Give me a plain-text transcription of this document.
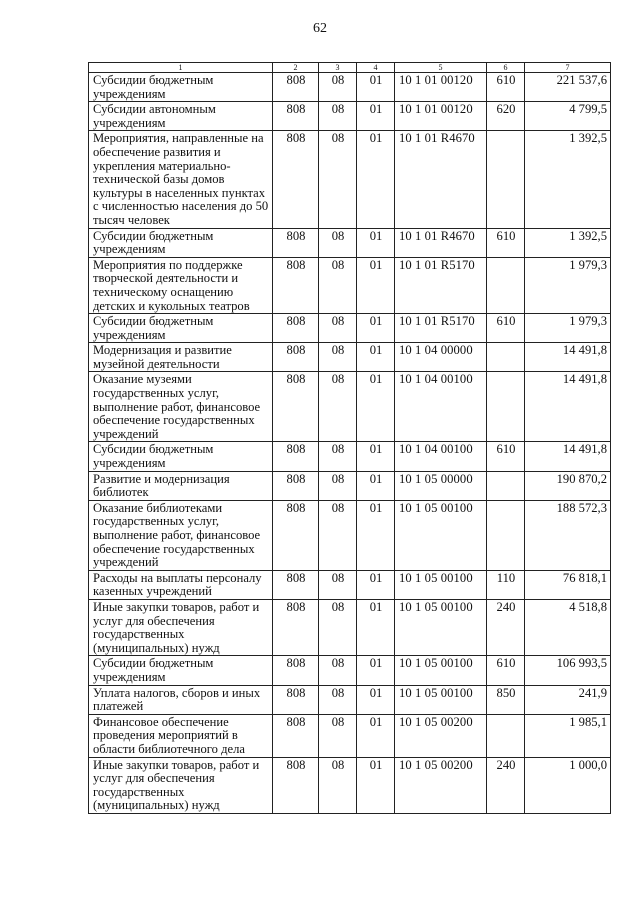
62
1	2	3	4	5	6	7
Субсидии бюджетным учреждениям	808	08	01	10 1 01 00120	610	221 537,6
Субсидии автономным учреждениям	808	08	01	10 1 01 00120	620	4 799,5
Мероприятия, направленные на обеспечение развития и укрепления материально-технической базы домов культуры в населенных пунктах с численностью населения до 50 тысяч человек	808	08	01	10 1 01 R4670		1 392,5
Субсидии бюджетным учреждениям	808	08	01	10 1 01 R4670	610	1 392,5
Мероприятия по поддержке творческой деятельности и техническому оснащению детских и кукольных театров	808	08	01	10 1 01 R5170		1 979,3
Субсидии бюджетным учреждениям	808	08	01	10 1 01 R5170	610	1 979,3
Модернизация и развитие музейной деятельности	808	08	01	10 1 04 00000		14 491,8
Оказание музеями государственных услуг, выполнение работ, финансовое обеспечение государственных учреждений	808	08	01	10 1 04 00100		14 491,8
Субсидии бюджетным учреждениям	808	08	01	10 1 04 00100	610	14 491,8
Развитие и модернизация библиотек	808	08	01	10 1 05 00000		190 870,2
Оказание библиотеками государственных услуг, выполнение работ, финансовое обеспечение государственных учреждений	808	08	01	10 1 05 00100		188 572,3
Расходы на выплаты персоналу казенных учреждений	808	08	01	10 1 05 00100	110	76 818,1
Иные закупки товаров, работ и услуг для обеспечения государственных (муниципальных) нужд	808	08	01	10 1 05 00100	240	4 518,8
Субсидии бюджетным учреждениям	808	08	01	10 1 05 00100	610	106 993,5
Уплата налогов, сборов и иных платежей	808	08	01	10 1 05 00100	850	241,9
Финансовое обеспечение проведения мероприятий в области библиотечного дела	808	08	01	10 1 05 00200		1 985,1
Иные закупки товаров, работ и услуг для обеспечения государственных (муниципальных) нужд	808	08	01	10 1 05 00200	240	1 000,0
